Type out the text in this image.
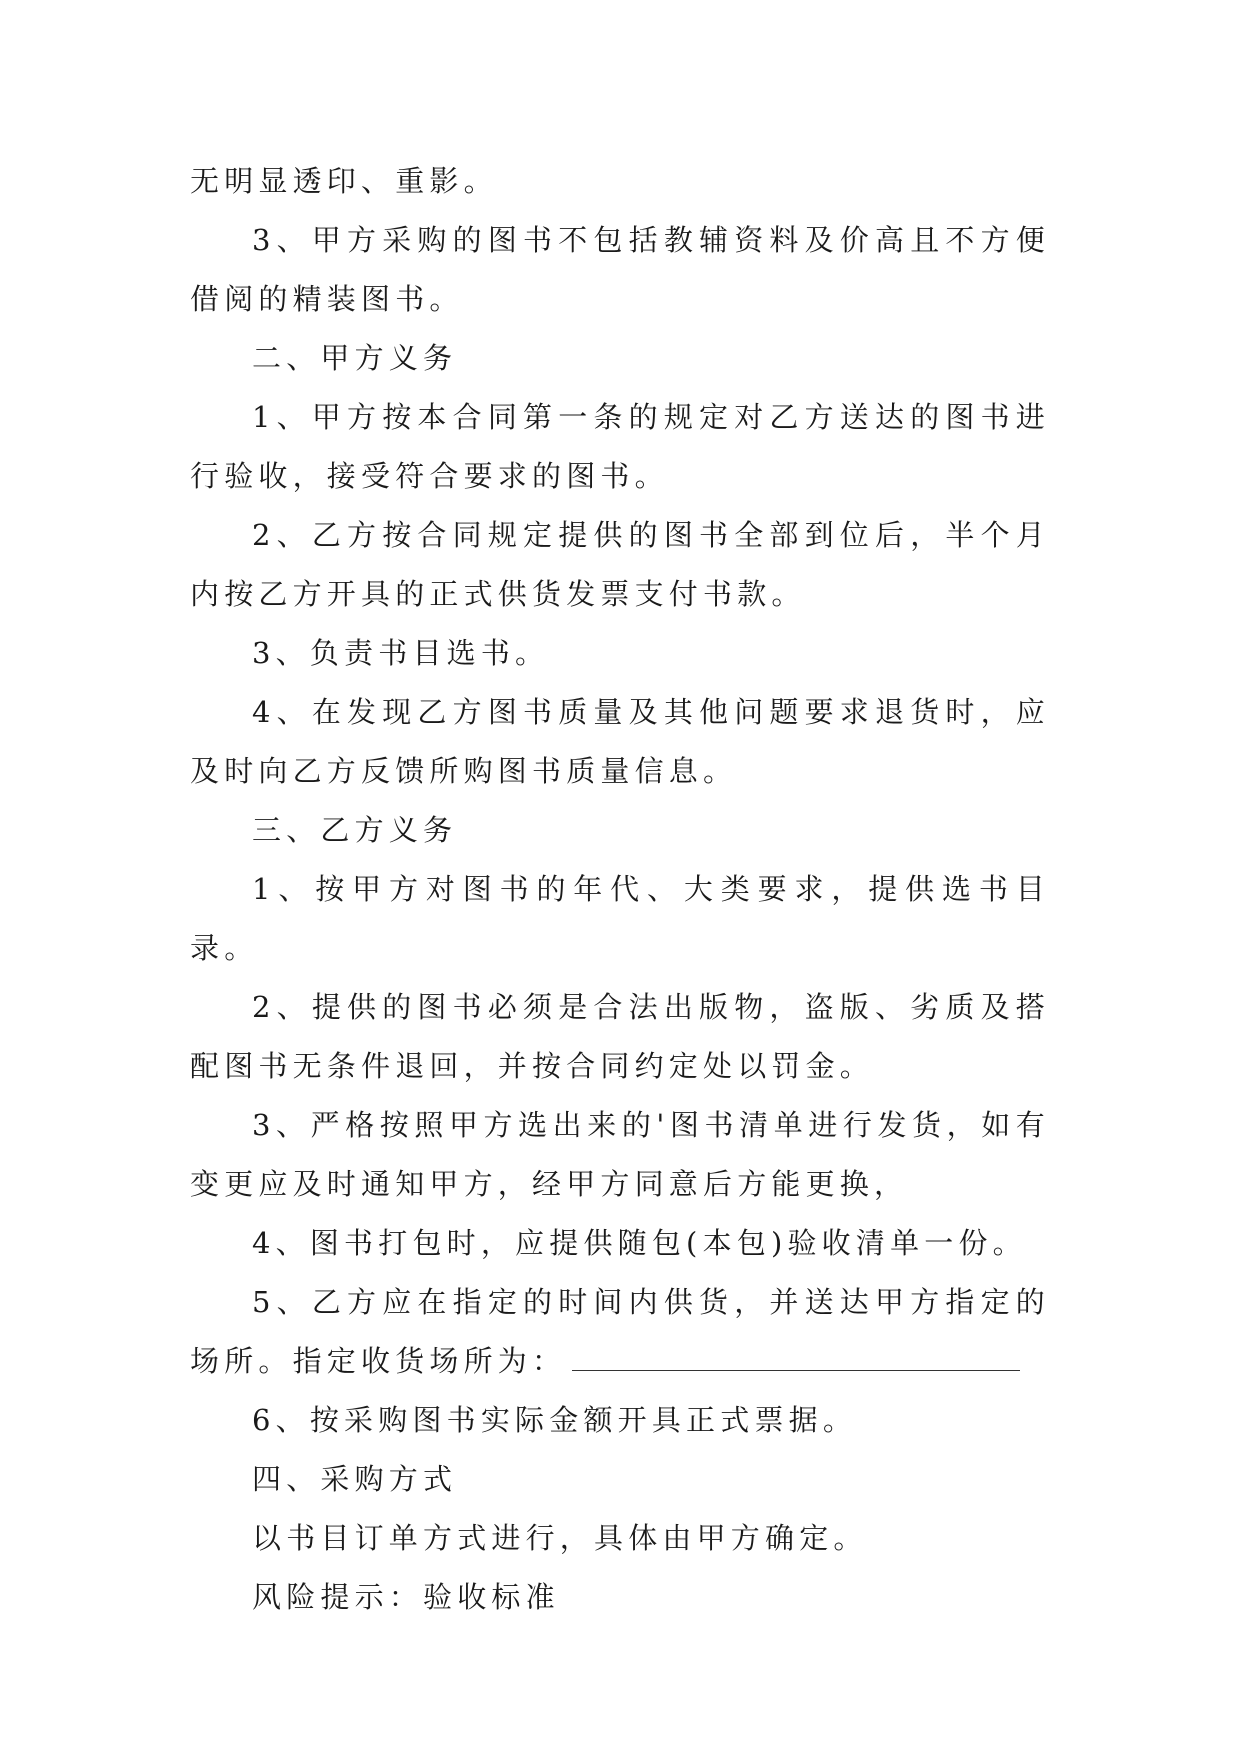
无明显透印、重影。

3、甲方采购的图书不包括教辅资料及价高且不方便借阅的精装图书。

二、甲方义务

1、甲方按本合同第一条的规定对乙方送达的图书进行验收，接受符合要求的图书。

2、乙方按合同规定提供的图书全部到位后，半个月内按乙方开具的正式供货发票支付书款。

3、负责书目选书。

4、在发现乙方图书质量及其他问题要求退货时，应及时向乙方反馈所购图书质量信息。

三、乙方义务

1、按甲方对图书的年代、大类要求，提供选书目录。

2、提供的图书必须是合法出版物，盗版、劣质及搭配图书无条件退回，并按合同约定处以罚金。

3、严格按照甲方选出来的'图书清单进行发货，如有变更应及时通知甲方，经甲方同意后方能更换，

4、图书打包时，应提供随包(本包)验收清单一份。

5、乙方应在指定的时间内供货，并送达甲方指定的场所。指定收货场所为：

6、按采购图书实际金额开具正式票据。

四、采购方式

以书目订单方式进行，具体由甲方确定。

风险提示：验收标准
